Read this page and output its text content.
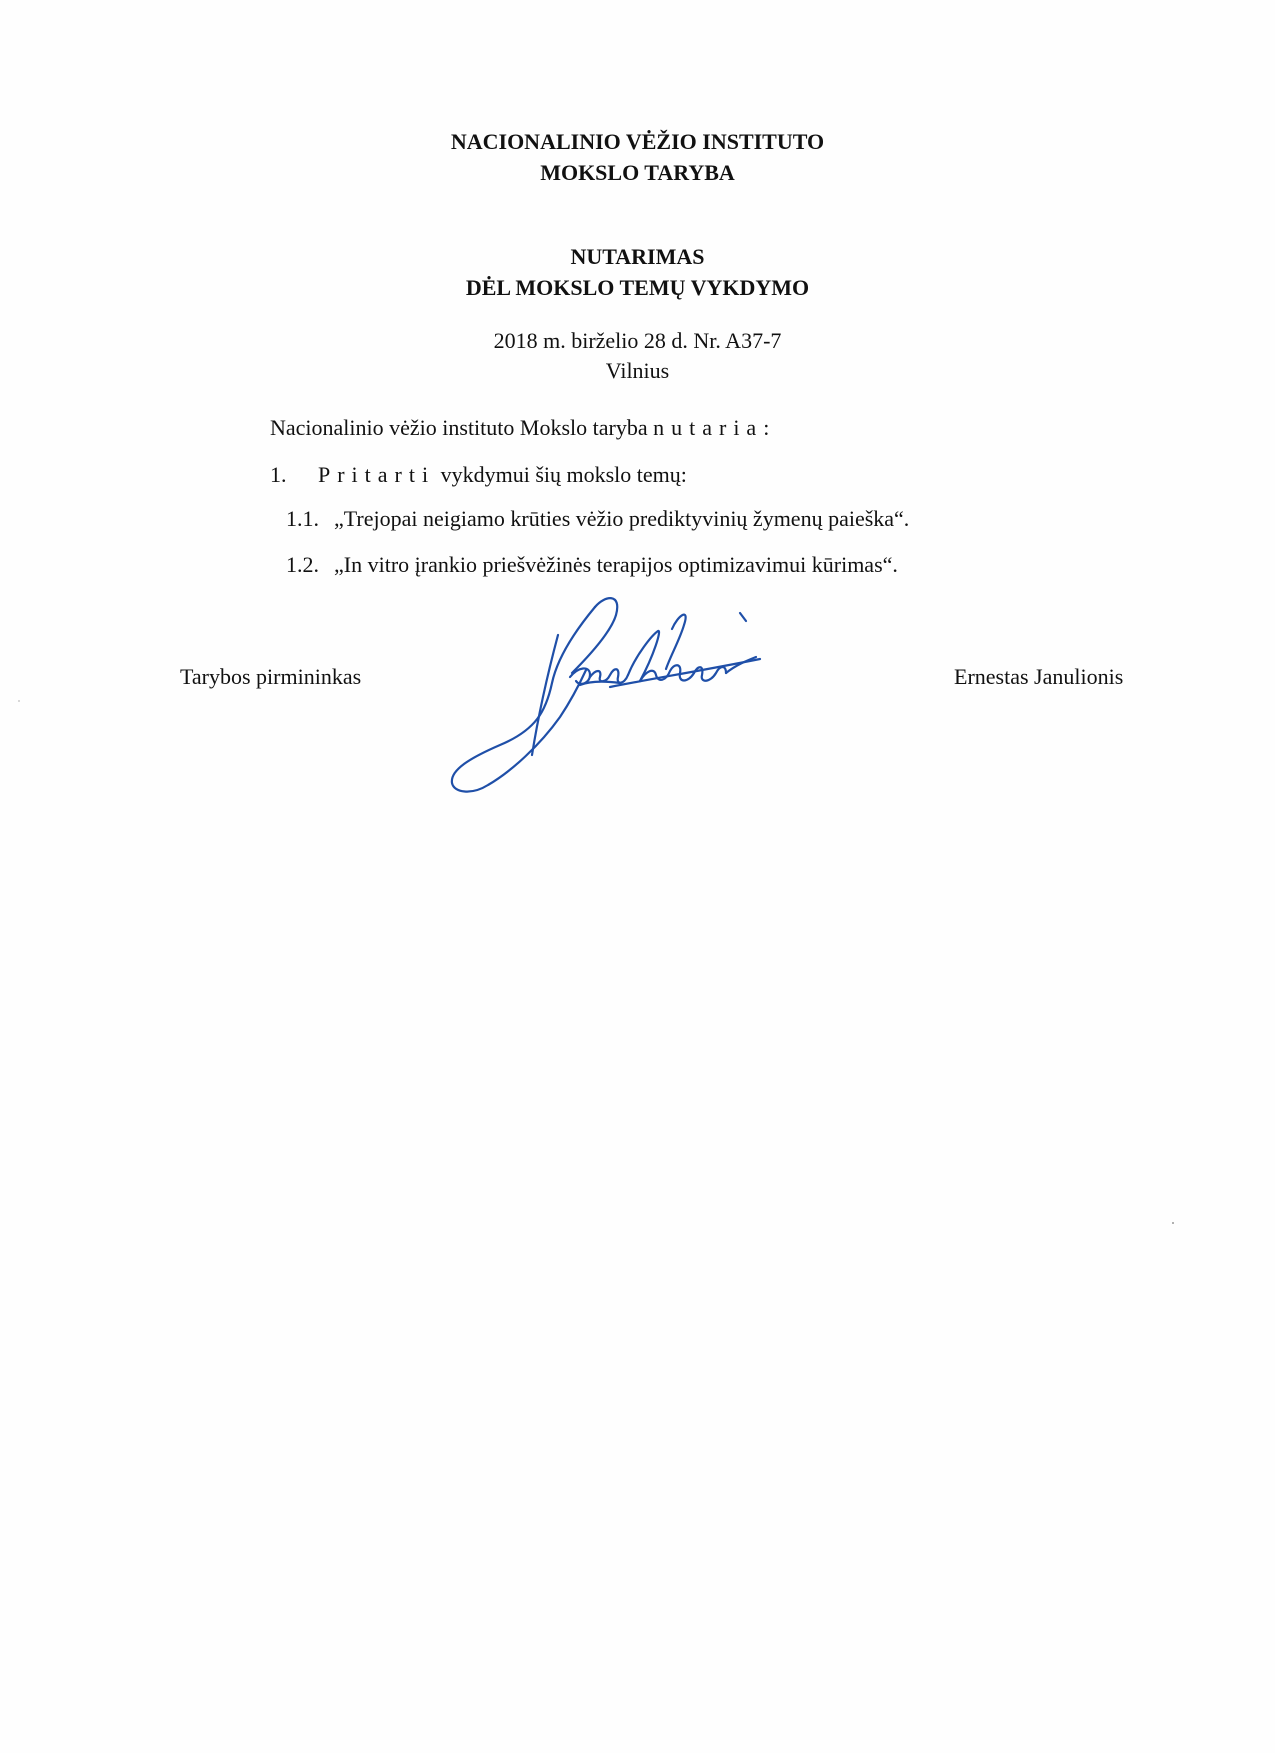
NACIONALINIO VĖŽIO INSTITUTO
MOKSLO TARYBA
NUTARIMAS
DĖL MOKSLO TEMŲ VYKDYMO
2018 m. birželio 28 d. Nr. A37-7
Vilnius
Nacionalinio vėžio instituto Mokslo taryba nutaria:
1. Pritarti vykdymui šių mokslo temų:
1.1. „Trejopai neigiamo krūties vėžio prediktyvinių žymenų paieška“.
1.2. „In vitro įrankio priešvėžinės terapijos optimizavimui kūrimas“.
Tarybos pirmininkas	Ernestas Janulionis
